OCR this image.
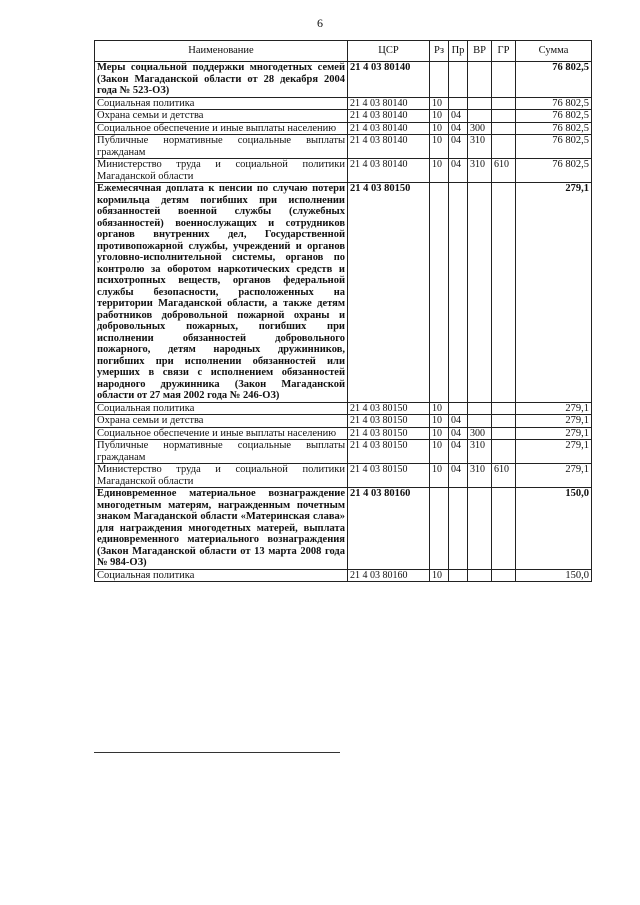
6
Наименование	ЦСР	Рз	Пр	ВР	ГР	Сумма
Меры социальной поддержки многодетных семей (Закон Магаданской области от 28 декабря 2004 года № 523-ОЗ)	21 4 03 80140					76 802,5
Социальная политика	21 4 03 80140	10				76 802,5
Охрана семьи и детства	21 4 03 80140	10	04			76 802,5
Социальное обеспечение и иные выплаты населению	21 4 03 80140	10	04	300		76 802,5
Публичные нормативные социальные выплаты гражданам	21 4 03 80140	10	04	310		76 802,5
Министерство труда и социальной политики Магаданской области	21 4 03 80140	10	04	310	610	76 802,5
Ежемесячная доплата к пенсии по случаю потери кормильца детям погибших при исполнении обязанностей военной службы (служебных обязанностей) военнослужащих и сотрудников органов внутренних дел, Государственной противопожарной службы, учреждений и органов уголовно-исполнительной системы, органов по контролю за оборотом наркотических средств и психотропных веществ, органов федеральной службы безопасности, расположенных на территории Магаданской области, а также детям работников добровольной пожарной охраны и добровольных пожарных, погибших при исполнении обязанностей добровольного пожарного, детям народных дружинников, погибших при исполнении обязанностей или умерших в связи с исполнением обязанностей народного дружинника (Закон Магаданской области от 27 мая 2002 года № 246-ОЗ)	21 4 03 80150					279,1
Социальная политика	21 4 03 80150	10				279,1
Охрана семьи и детства	21 4 03 80150	10	04			279,1
Социальное обеспечение и иные выплаты населению	21 4 03 80150	10	04	300		279,1
Публичные нормативные социальные выплаты гражданам	21 4 03 80150	10	04	310		279,1
Министерство труда и социальной политики Магаданской области	21 4 03 80150	10	04	310	610	279,1
Единовременное материальное вознаграждение многодетным матерям, награжденным почетным знаком Магаданской области «Материнская слава» для награждения многодетных матерей, выплата единовременного материального вознаграждения (Закон Магаданской области от 13 марта 2008 года № 984-ОЗ)	21 4 03 80160					150,0
Социальная политика	21 4 03 80160	10				150,0
